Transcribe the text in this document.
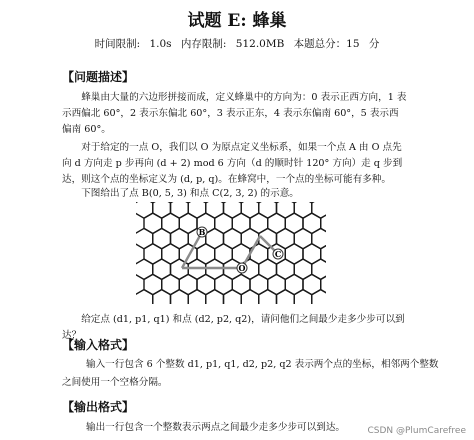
试题 E: 蜂巢
时间限制: 1.0s 内存限制: 512.0MB 本题总分：15 分
【问题描述】
蜂巢由大量的六边形拼接而成，定义蜂巢中的方向为：0 表示正西方向，1 表示西偏北 60°，2 表示东偏北 60°，3 表示正东，4 表示东偏南 60°，5 表示西偏南 60°。
对于给定的一点 O，我们以 O 为原点定义坐标系，如果一个点 A 由 O 点先向 d 方向走 p 步再向 (d + 2) mod 6 方向（d 的顺时针 120° 方向）走 q 步到达，则这个点的坐标定义为 (d, p, q)。在蜂窝中，一个点的坐标可能有多种。
下图给出了点 B(0, 5, 3) 和点 C(2, 3, 2) 的示意。
B
C
O
给定点 (d1, p1, q1) 和点 (d2, p2, q2)，请问他们之间最少走多少步可以到达？
【输入格式】
输入一行包含 6 个整数 d1, p1, q1, d2, p2, q2 表示两个点的坐标，相邻两个整数
之间使用一个空格分隔。
【输出格式】
输出一行包含一个整数表示两点之间最少走多少步可以到达。 CSDN @PlumCarefree
